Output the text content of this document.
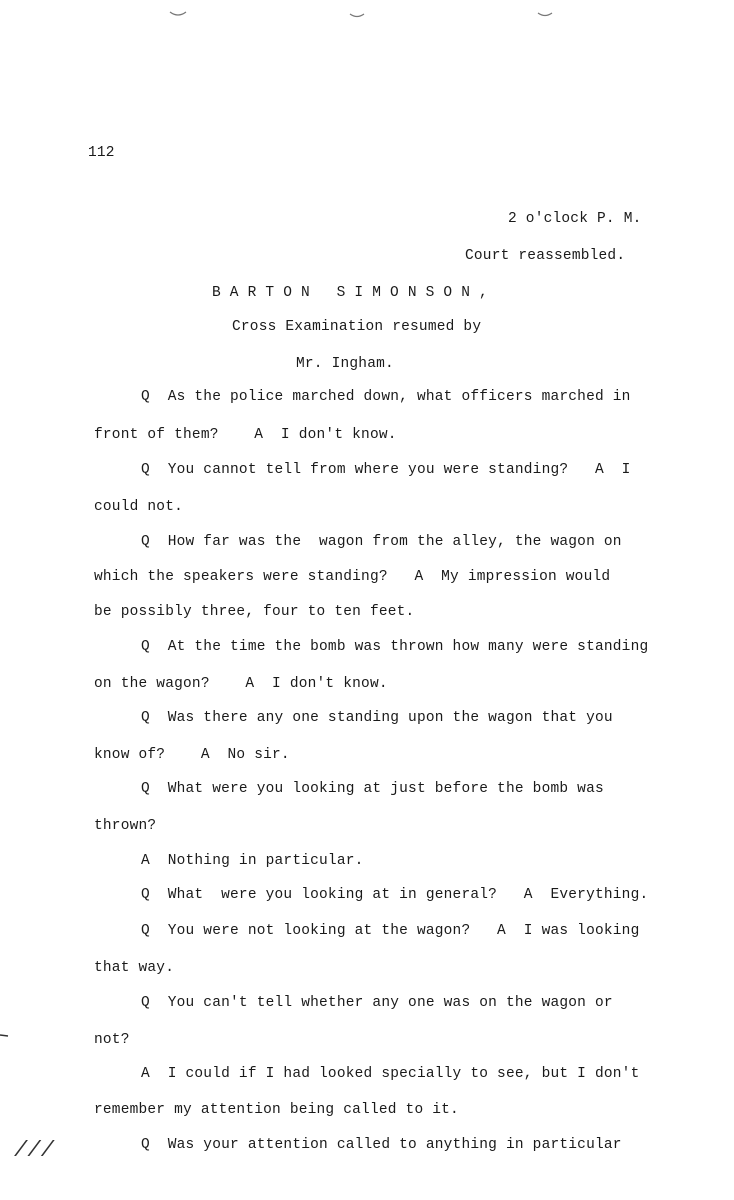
112
2 o'clock P. M.
Court reassembled.
B A R T O N   S I M O N S O N ,
Cross Examination resumed by
Mr. Ingham.
Q  As the police marched down, what officers marched in
front of them?    A  I don't know.
Q  You cannot tell from where you were standing?   A  I
could not.
Q  How far was the  wagon from the alley, the wagon on
which the speakers were standing?   A  My impression would
be possibly three, four to ten feet.
Q  At the time the bomb was thrown how many were standing
on the wagon?    A  I don't know.
Q  Was there any one standing upon the wagon that you
know of?    A  No sir.
Q  What were you looking at just before the bomb was
thrown?
A  Nothing in particular.
Q  What  were you looking at in general?   A  Everything.
Q  You were not looking at the wagon?   A  I was looking
that way.
Q  You can't tell whether any one was on the wagon or
not?
A  I could if I had looked specially to see, but I don't
remember my attention being called to it.
Q  Was your attention called to anything in particular
///
